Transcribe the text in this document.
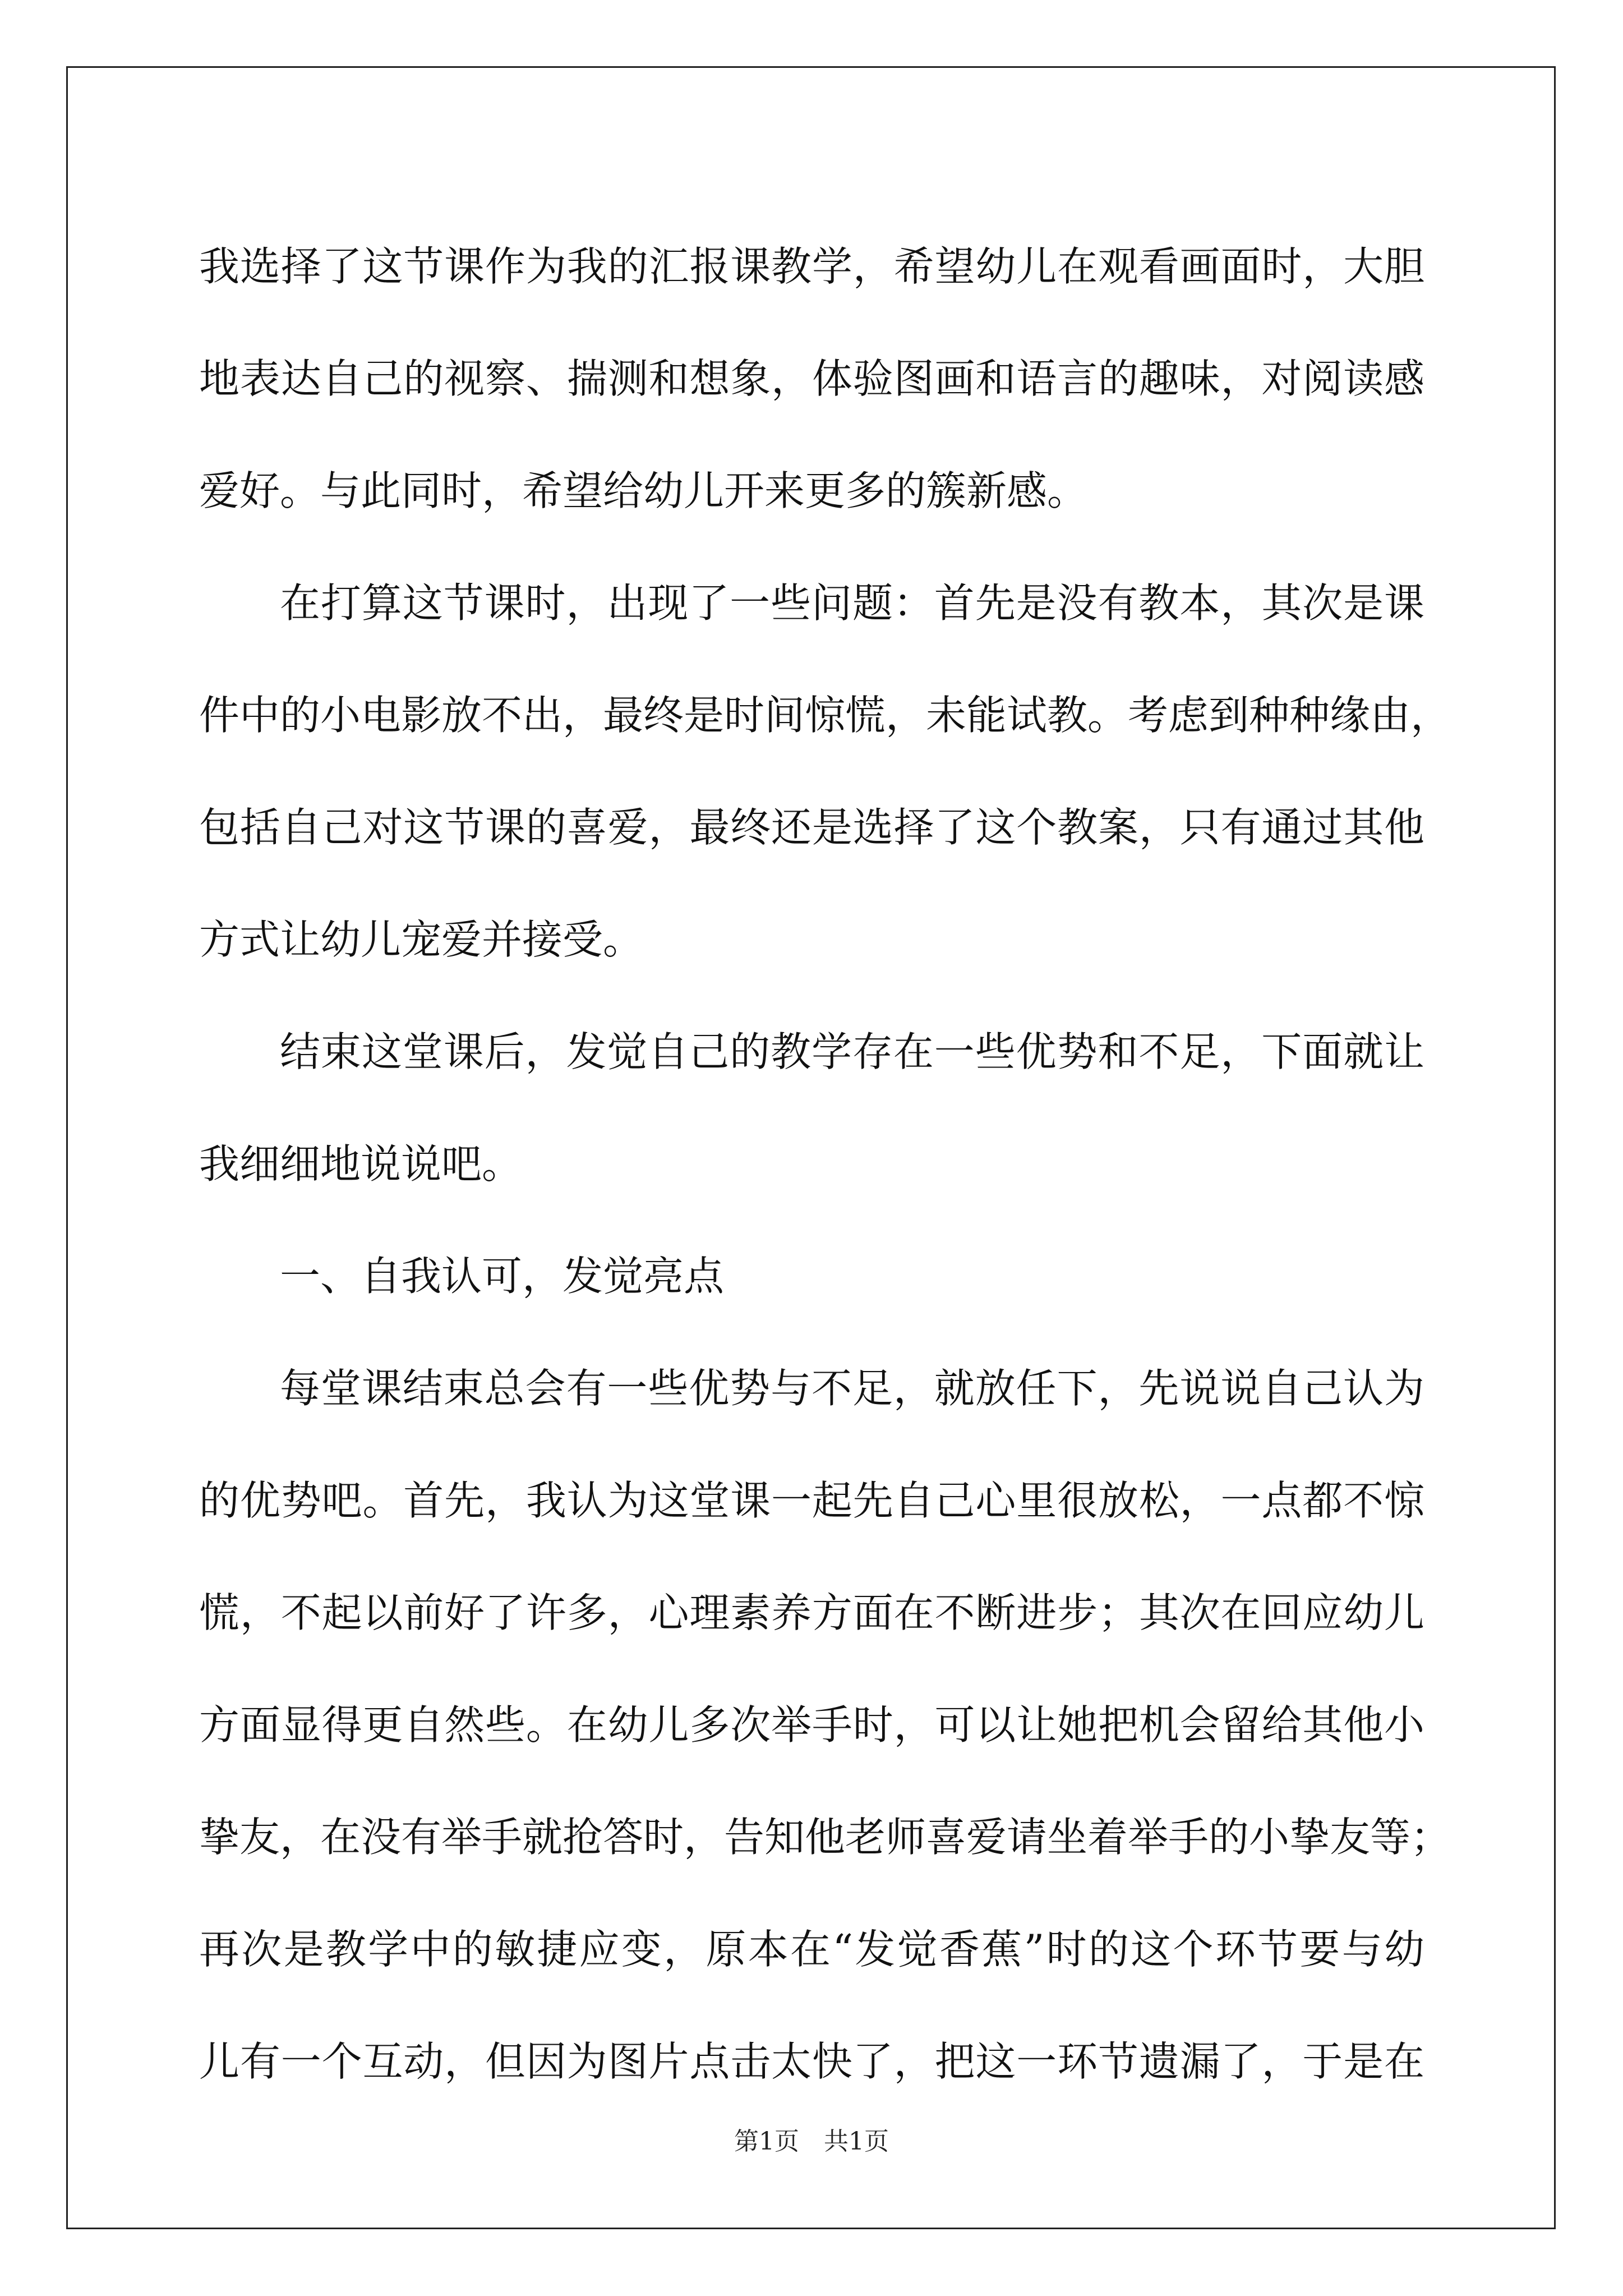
我选择了这节课作为我的汇报课教学，希望幼儿在观看画面时，大胆
地表达自己的视察、揣测和想象，体验图画和语言的趣味，对阅读感
爱好。与此同时，希望给幼儿开来更多的簇新感。
在打算这节课时，出现了一些问题：首先是没有教本，其次是课
件中的小电影放不出，最终是时间惊慌，未能试教。考虑到种种缘由，
包括自己对这节课的喜爱，最终还是选择了这个教案，只有通过其他
方式让幼儿宠爱并接受。
结束这堂课后，发觉自己的教学存在一些优势和不足，下面就让
我细细地说说吧。
一、自我认可，发觉亮点
每堂课结束总会有一些优势与不足，就放任下，先说说自己认为
的优势吧。首先，我认为这堂课一起先自己心里很放松，一点都不惊
慌，不起以前好了许多，心理素养方面在不断进步；其次在回应幼儿
方面显得更自然些。在幼儿多次举手时，可以让她把机会留给其他小
挚友，在没有举手就抢答时，告知他老师喜爱请坐着举手的小挚友等；
再次是教学中的敏捷应变，原本在“发觉香蕉”时的这个环节要与幼
儿有一个互动，但因为图片点击太快了，把这一环节遗漏了，于是在
第1页　共1页
